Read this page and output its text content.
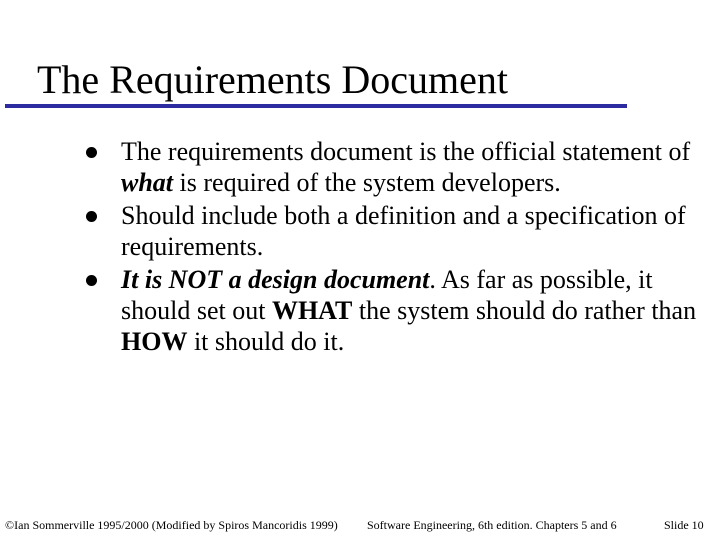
The Requirements Document
The requirements document is the official statement of what is required of the system developers.
Should include both a definition and a specification of requirements.
It is NOT a design document. As far as possible, it should set out WHAT the system should do rather than HOW it should do it.
©Ian Sommerville 1995/2000 (Modified by Spiros Mancoridis 1999) Software Engineering, 6th edition. Chapters 5 and 6	Slide 10
